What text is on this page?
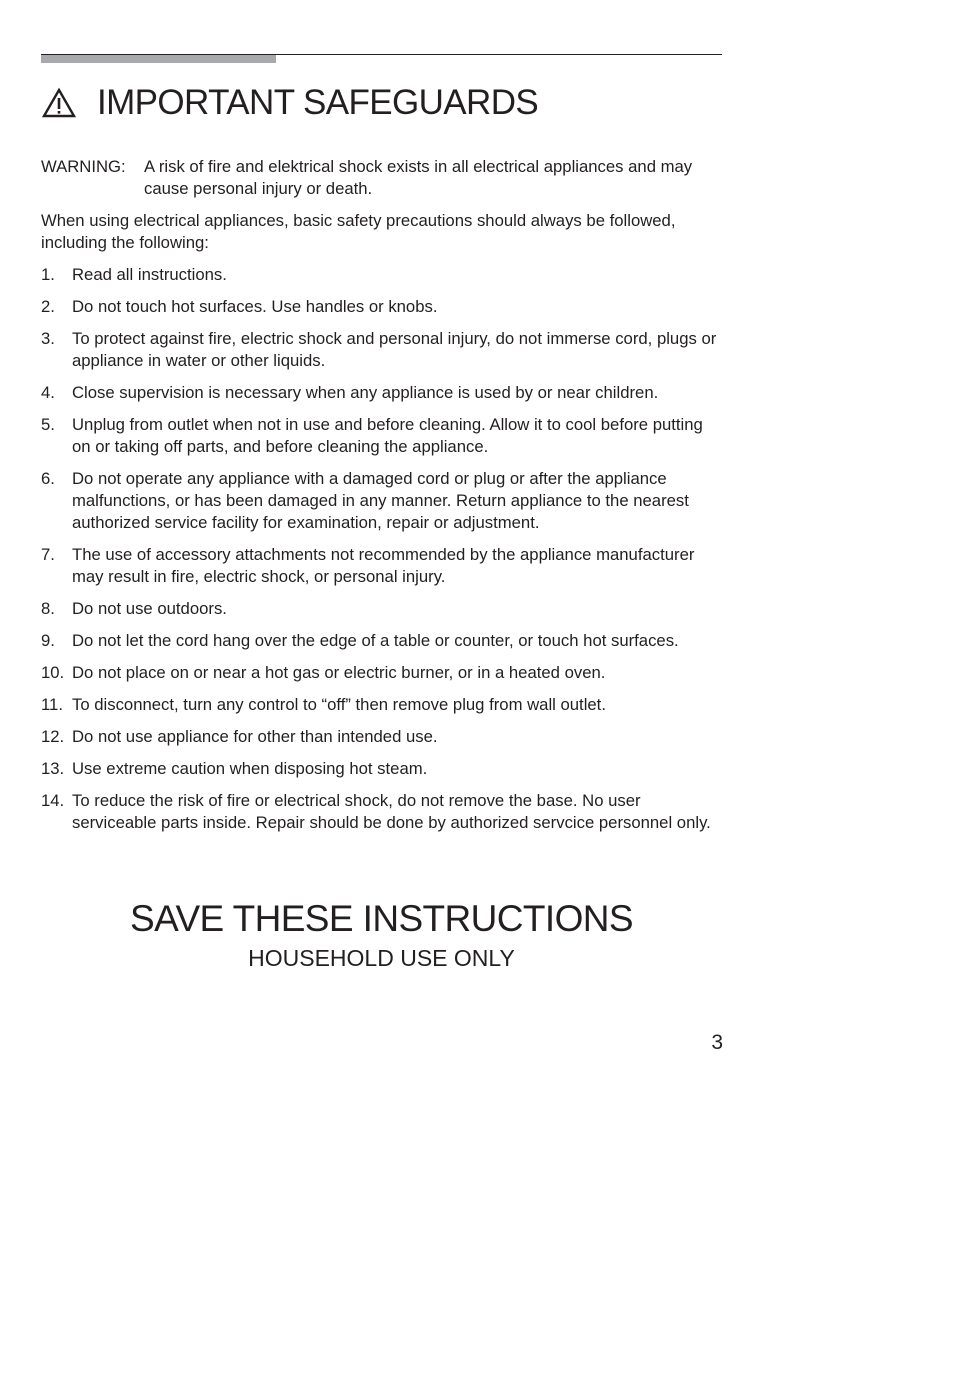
IMPORTANT SAFEGUARDS
WARNING:	A risk of fire and elektrical shock exists in all electrical appliances and may cause personal injury or death.
When using electrical appliances, basic safety precautions should always be followed, including the following:
1.	Read all instructions.
2.	Do not touch hot surfaces. Use handles or knobs.
3.	To protect against fire, electric shock and personal injury, do not immerse cord, plugs or appliance in water or other liquids.
4.	Close supervision is necessary when any appliance is used by or near children.
5.	Unplug from outlet when not in use and before cleaning. Allow it to cool before putting on or taking off parts, and before cleaning the appliance.
6.	Do not operate any appliance with a damaged cord or plug or after the appliance malfunctions, or has been damaged in any manner. Return appliance to the nearest authorized service facility for examination, repair or adjustment.
7.	The use of accessory attachments not recommended by the appliance manufacturer may result in fire, electric shock, or personal injury.
8.	Do not use outdoors.
9.	Do not let the cord hang over the edge of a table or counter, or touch hot surfaces.
10. Do not place on or near a hot gas or electric burner, or in a heated oven.
11. To disconnect, turn any control to “off” then remove plug from wall outlet.
12. Do not use appliance for other than intended use.
13. Use extreme caution when disposing hot steam.
14. To reduce the risk of fire or electrical shock, do not remove the base. No user serviceable parts inside. Repair should be done by authorized servcice personnel only.
SAVE THESE INSTRUCTIONS
HOUSEHOLD USE ONLY
3
